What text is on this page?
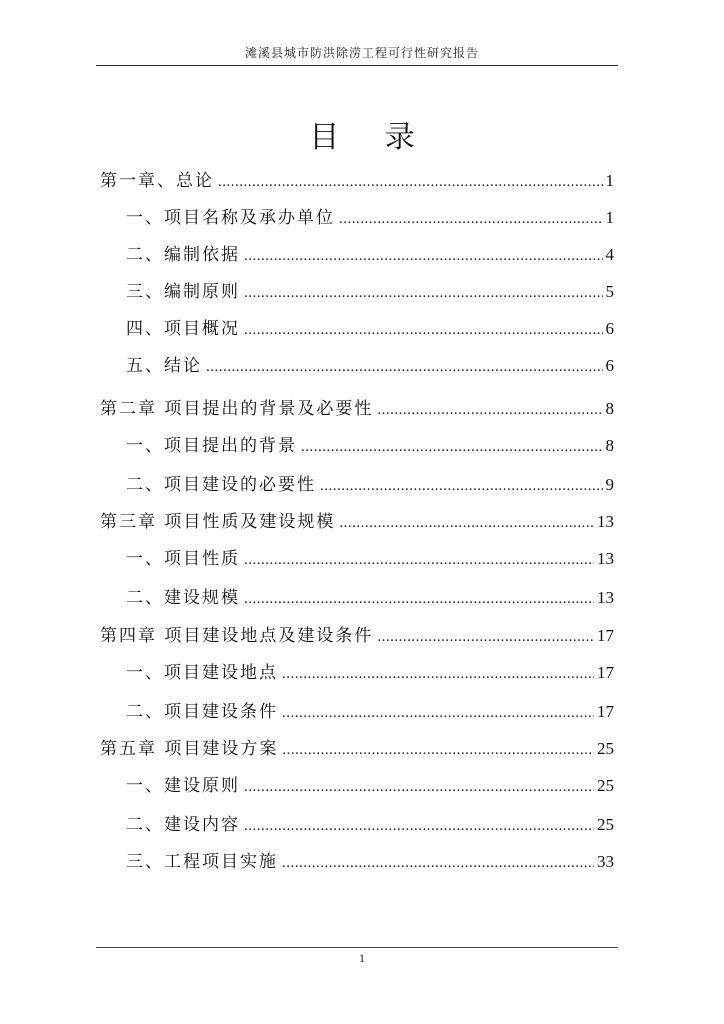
滩溪县城市防洪除涝工程可行性研究报告
目 录
第一章、总论 .....	1
一、项目名称及承办单位 .....	1
二、编制依据 .....	4
三、编制原则 .....	5
四、项目概况 .....	6
五、结论 .....	6
第二章 项目提出的背景及必要性 .....	8
一、项目提出的背景 .....	8
二、项目建设的必要性 .....	9
第三章 项目性质及建设规模 .....	13
一、项目性质 .....	13
二、建设规模 .....	13
第四章 项目建设地点及建设条件 .....	17
一、项目建设地点 .....	17
二、项目建设条件 .....	17
第五章 项目建设方案 .....	25
一、建设原则 .....	25
二、建设内容 .....	25
三、工程项目实施 .....	33
1
